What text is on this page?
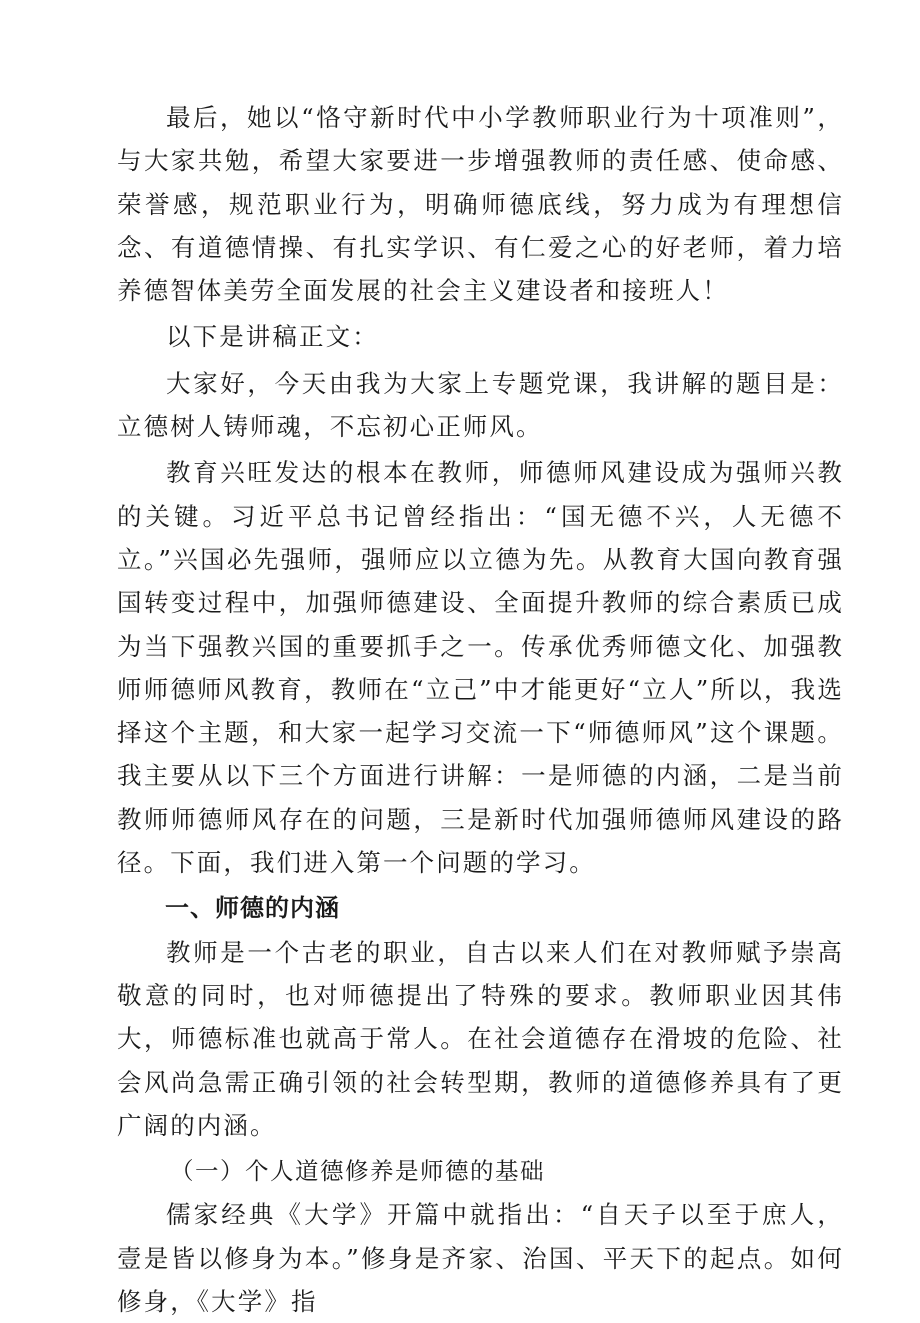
最后，她以“恪守新时代中小学教师职业行为十项准则”，与大家共勉，希望大家要进一步增强教师的责任感、使命感、荣誉感，规范职业行为，明确师德底线，努力成为有理想信念、有道德情操、有扎实学识、有仁爱之心的好老师，着力培养德智体美劳全面发展的社会主义建设者和接班人！

以下是讲稿正文：

大家好，今天由我为大家上专题党课，我讲解的题目是：立德树人铸师魂，不忘初心正师风。

教育兴旺发达的根本在教师，师德师风建设成为强师兴教的关键。习近平总书记曾经指出：“国无德不兴，人无德不立。”兴国必先强师，强师应以立德为先。从教育大国向教育强国转变过程中，加强师德建设、全面提升教师的综合素质已成为当下强教兴国的重要抓手之一。传承优秀师德文化、加强教师师德师风教育，教师在“立己”中才能更好“立人”所以，我选择这个主题，和大家一起学习交流一下“师德师风”这个课题。我主要从以下三个方面进行讲解：一是师德的内涵，二是当前教师师德师风存在的问题，三是新时代加强师德师风建设的路径。下面，我们进入第一个问题的学习。

一、师德的内涵

教师是一个古老的职业，自古以来人们在对教师赋予崇高敬意的同时，也对师德提出了特殊的要求。教师职业因其伟大，师德标准也就高于常人。在社会道德存在滑坡的危险、社会风尚急需正确引领的社会转型期，教师的道德修养具有了更广阔的内涵。

（一）个人道德修养是师德的基础

儒家经典《大学》开篇中就指出：“自天子以至于庶人，壹是皆以修身为本。”修身是齐家、治国、平天下的起点。如何修身，《大学》指
